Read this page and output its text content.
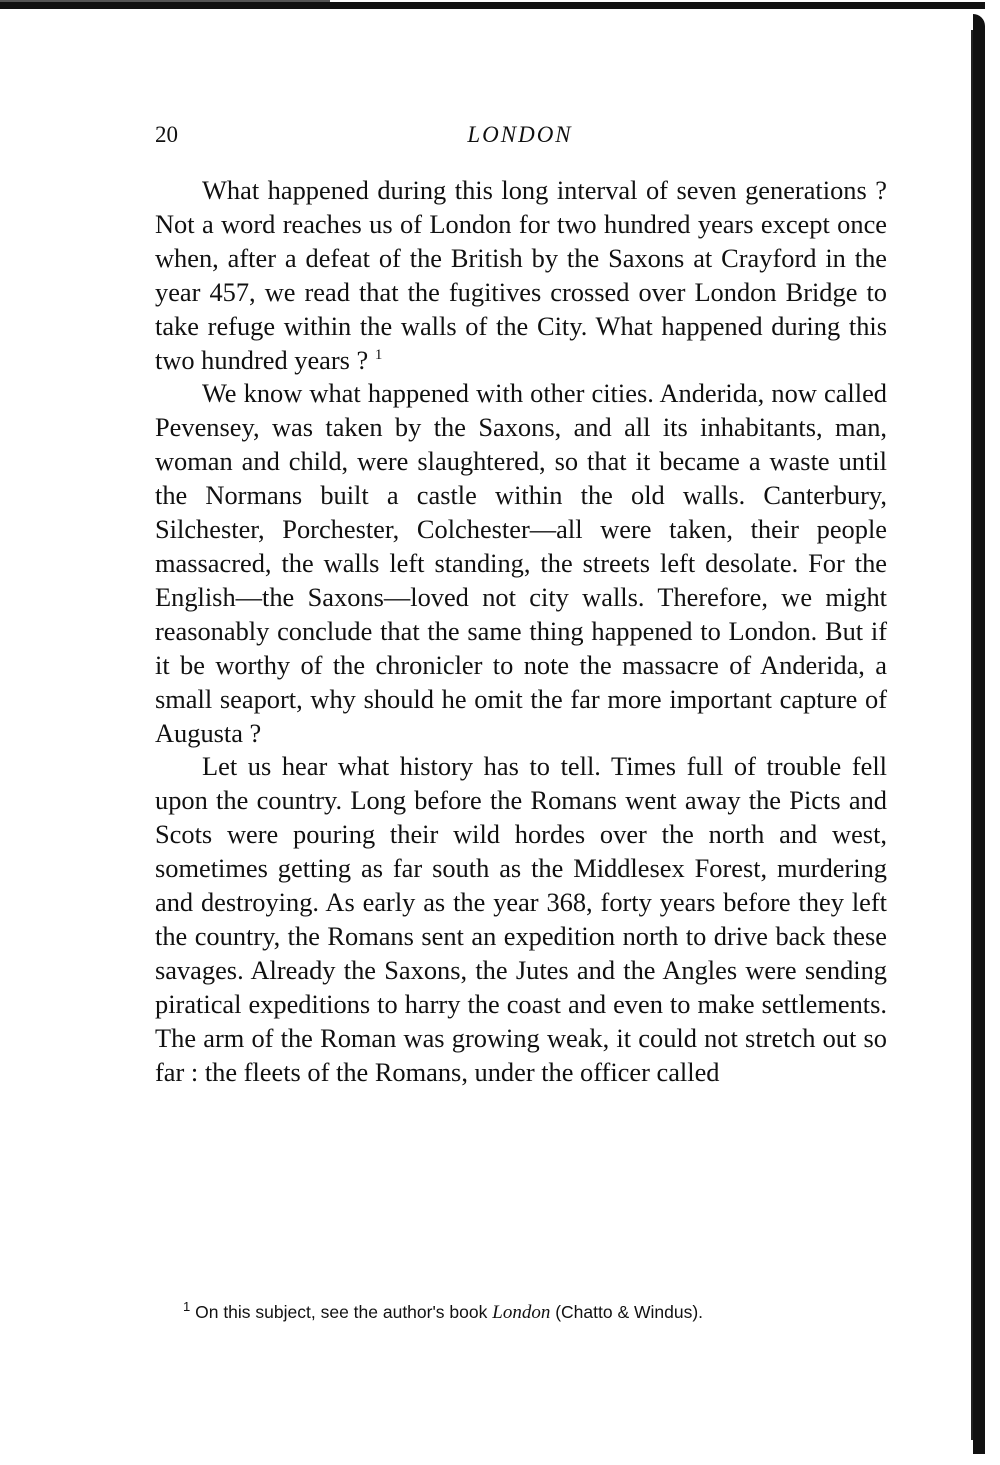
20	LONDON

What happened during this long interval of seven generations ? Not a word reaches us of London for two hundred years except once when, after a defeat of the British by the Saxons at Crayford in the year 457, we read that the fugitives crossed over London Bridge to take refuge within the walls of the City. What happened during this two hundred years ? $^1$

We know what happened with other cities. Anderida, now called Pevensey, was taken by the Saxons, and all its inhabitants, man, woman and child, were slaughtered, so that it became a waste until the Normans built a castle within the old walls. Canterbury, Silchester, Porchester, Colchester—all were taken, their people massacred, the walls left standing, the streets left desolate. For the English—the Saxons—loved not city walls. Therefore, we might reasonably conclude that the same thing happened to London. But if it be worthy of the chronicler to note the massacre of Anderida, a small seaport, why should he omit the far more important capture of Augusta ?

Let us hear what history has to tell. Times full of trouble fell upon the country. Long before the Romans went away the Picts and Scots were pouring their wild hordes over the north and west, sometimes getting as far south as the Middlesex Forest, murdering and destroying. As early as the year 368, forty years before they left the country, the Romans sent an expedition north to drive back these savages. Already the Saxons, the Jutes and the Angles were sending piratical expeditions to harry the coast and even to make settlements. The arm of the Roman was growing weak, it could not stretch out so far : the fleets of the Romans, under the officer called

$^1$ On this subject, see the author's book London (Chatto & Windus).
